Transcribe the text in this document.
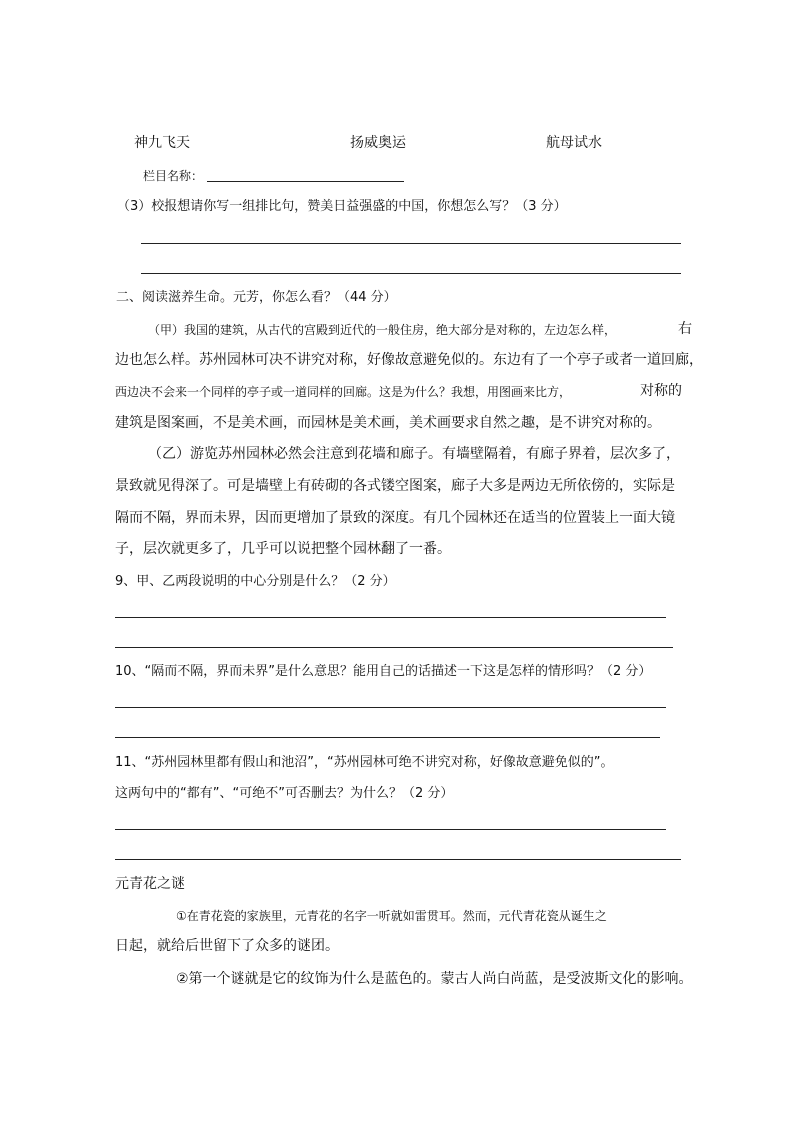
神九飞天	扬威奥运	航母试水
栏目名称：
（3）校报想请你写一组排比句，赞美日益强盛的中国，你想怎么写？（3 分）
二、阅读滋养生命。元芳，你怎么看？（44 分）
（甲）我国的建筑，从古代的宫殿到近代的一般住房，绝大部分是对称的，左边怎么样，	右
边也怎么样。苏州园林可决不讲究对称，好像故意避免似的。东边有了一个亭子或者一道回廊，
西边决不会来一个同样的亭子或一道同样的回廊。这是为什么？我想，用图画来比方，	对称的
建筑是图案画，不是美术画，而园林是美术画，美术画要求自然之趣，是不讲究对称的。
（乙）游览苏州园林必然会注意到花墙和廊子。有墙壁隔着，有廊子界着，层次多了，
景致就见得深了。可是墙壁上有砖砌的各式镂空图案，廊子大多是两边无所依傍的，实际是
隔而不隔，界而未界，因而更增加了景致的深度。有几个园林还在适当的位置装上一面大镜
子，层次就更多了，几乎可以说把整个园林翻了一番。
9、甲、乙两段说明的中心分别是什么？（2 分）
10、“隔而不隔，界而未界”是什么意思？能用自己的话描述一下这是怎样的情形吗？（2 分）
11、“苏州园林里都有假山和池沼”，“苏州园林可绝不讲究对称，好像故意避免似的”。
这两句中的“都有”、“可绝不”可否删去？为什么？（2 分）
元青花之谜
①在青花瓷的家族里，元青花的名字一听就如雷贯耳。然而，元代青花瓷从诞生之
日起，就给后世留下了众多的谜团。
②第一个谜就是它的纹饰为什么是蓝色的。蒙古人尚白尚蓝，是受波斯文化的影响。
